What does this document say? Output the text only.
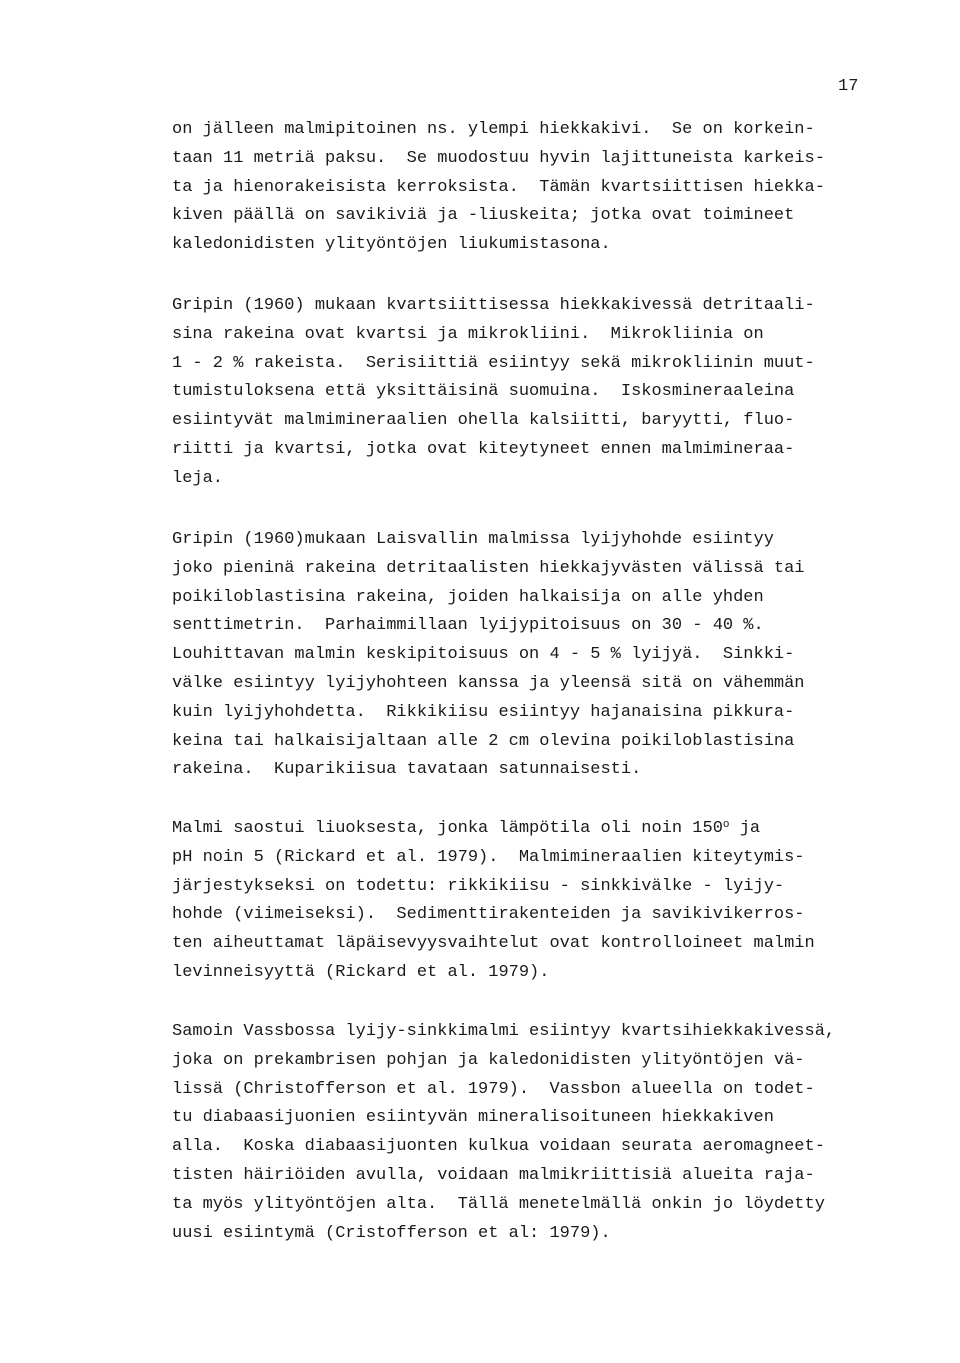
17
on jälleen malmipitoinen ns. ylempi hiekkakivi.  Se on korkein-
taan 11 metriä paksu.  Se muodostuu hyvin lajittuneista karkeis-
ta ja hienorakeisista kerroksista.  Tämän kvartsiittisen hiekka-
kiven päällä on savikiviä ja -liuskeita; jotka ovat toimineet
kaledonidisten ylityöntöjen liukumistasona.
Gripin (1960) mukaan kvartsiittisessa hiekkakivessä detritaali-
sina rakeina ovat kvartsi ja mikrokliini.  Mikrokliinia on
1 - 2 % rakeista.  Serisiittiä esiintyy sekä mikrokliinin muut-
tumistuloksena että yksittäisinä suomuina.  Iskosmineraaleina
esiintyvät malmimineraalien ohella kalsiitti, baryytti, fluo-
riitti ja kvartsi, jotka ovat kiteytyneet ennen malmimineraa-
leja.
Gripin (1960)mukaan Laisvallin malmissa lyijyhohde esiintyy
joko pieninä rakeina detritaalisten hiekkajyvästen välissä tai
poikiloblastisina rakeina, joiden halkaisija on alle yhden
senttimetrin.  Parhaimmillaan lyijypitoisuus on 30 - 40 %.
Louhittavan malmin keskipitoisuus on 4 - 5 % lyijyä.  Sinkki-
välke esiintyy lyijyhohteen kanssa ja yleensä sitä on vähemmän
kuin lyijyhohdetta.  Rikkikiisu esiintyy hajanaisina pikkura-
keina tai halkaisijaltaan alle 2 cm olevina poikiloblastisina
rakeina.  Kuparikiisua tavataan satunnaisesti.
Malmi saostui liuoksesta, jonka lämpötila oli noin 150$^o$ ja
pH noin 5 (Rickard et al. 1979).  Malmimineraalien kiteytymis-
järjestykseksi on todettu: rikkikiisu - sinkkivälke - lyijy-
hohde (viimeiseksi).  Sedimenttirakenteiden ja savikivikerros-
ten aiheuttamat läpäisevyysvaihtelut ovat kontrolloineet malmin
levinneisyyttä (Rickard et al. 1979).
Samoin Vassbossa lyijy-sinkkimalmi esiintyy kvartsihiekkakivessä,
joka on prekambrisen pohjan ja kaledonidisten ylityöntöjen vä-
lissä (Christofferson et al. 1979).  Vassbon alueella on todet-
tu diabaasijuonien esiintyvän mineralisoituneen hiekkakiven
alla.  Koska diabaasijuonten kulkua voidaan seurata aeromagneet-
tisten häiriöiden avulla, voidaan malmikriittisiä alueita raja-
ta myös ylityöntöjen alta.  Tällä menetelmällä onkin jo löydetty
uusi esiintymä (Cristofferson et al: 1979).
